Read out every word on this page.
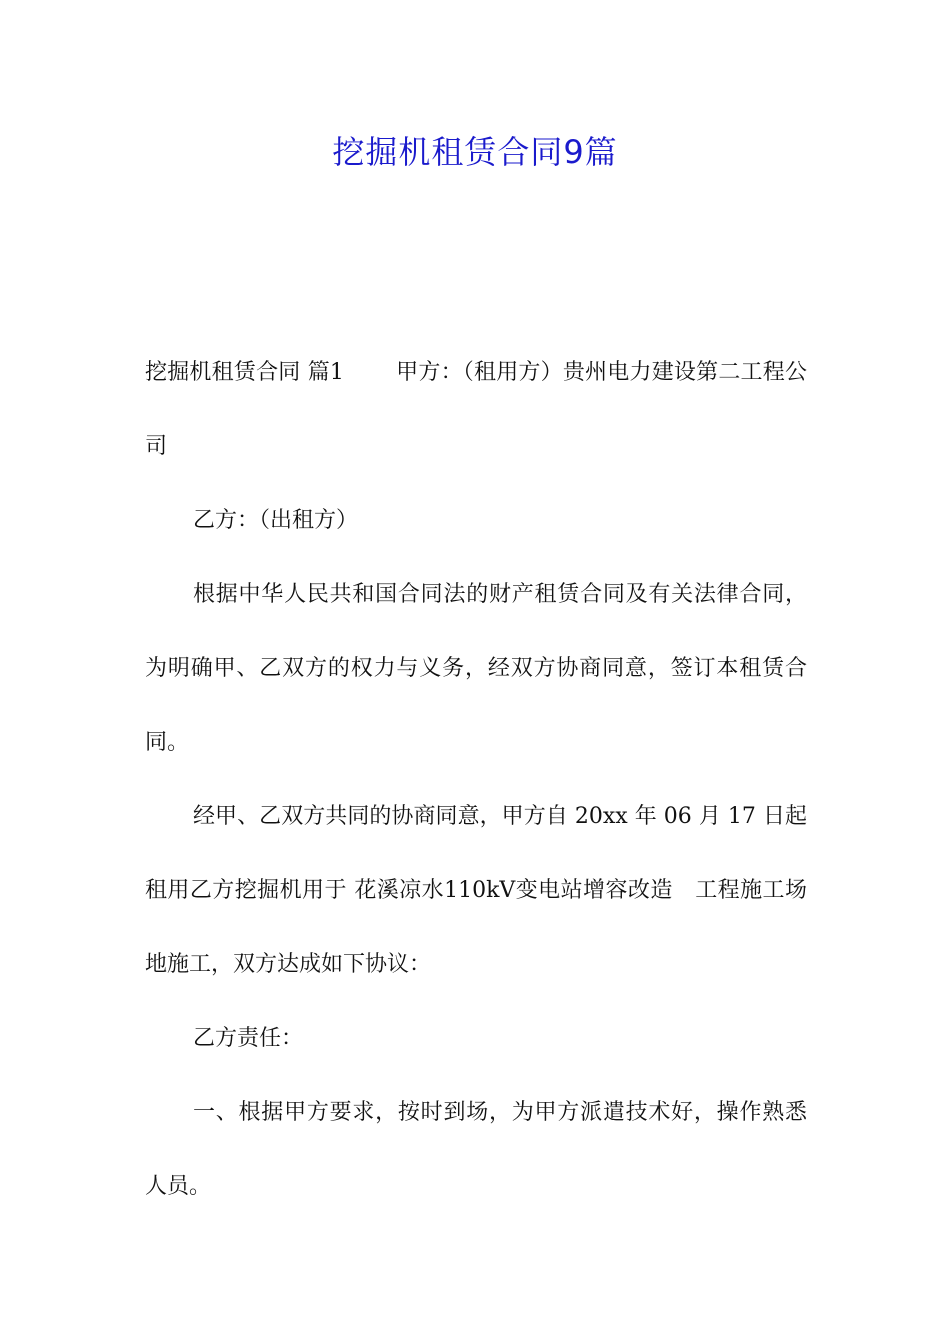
挖掘机租赁合同9篇

挖掘机租赁合同 篇1 甲方：（租用方）贵州电力建设第二工程公司

乙方：（出租方）

根据中华人民共和国合同法的财产租赁合同及有关法律合同，为明确甲、乙双方的权力与义务，经双方协商同意，签订本租赁合同。

经甲、乙双方共同的协商同意，甲方自 20xx 年 06 月 17 日起租用乙方挖掘机用于 花溪凉水110kV变电站增容改造　工程施工场地施工，双方达成如下协议：

乙方责任：

一、根据甲方要求，按时到场，为甲方派遣技术好，操作熟悉人员。
